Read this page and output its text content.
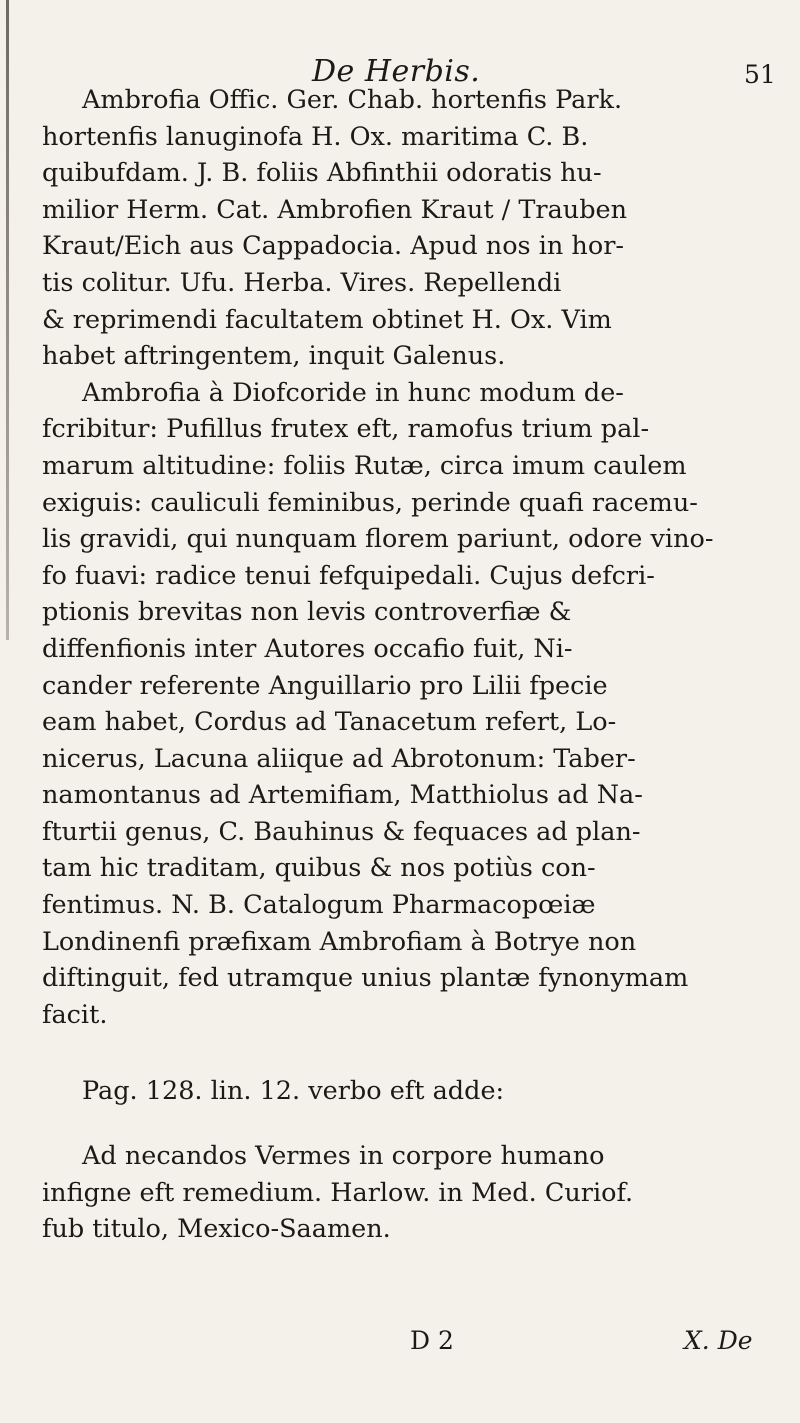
De Herbis.	51
Ambrofia Offic. Ger. Chab. hortenfis Park.
hortenfis lanuginofa H. Ox. maritima C. B.
quibufdam. J. B. foliis Abfinthii odoratis hu-
milior Herm. Cat. Ambrofien Kraut / Trauben
Kraut/Eich aus Cappadocia. Apud nos in hor-
tis colitur. Ufu. Herba. Vires. Repellendi
& reprimendi facultatem obtinet H. Ox. Vim
habet aftringentem, inquit Galenus.
Ambrofia à Diofcoride in hunc modum de-
fcribitur: Pufillus frutex eft, ramofus trium pal-
marum altitudine: foliis Rutæ, circa imum caulem
exiguis: cauliculi feminibus, perinde quafi racemu-
lis gravidi, qui nunquam florem pariunt, odore vino-
fo fuavi: radice tenui fefquipedali. Cujus defcri-
ptionis brevitas non levis controverfiæ &
diffenfionis inter Autores occafio fuit, Ni-
cander referente Anguillario pro Lilii fpecie
eam habet, Cordus ad Tanacetum refert, Lo-
nicerus, Lacuna aliique ad Abrotonum: Taber-
namontanus ad Artemifiam, Matthiolus ad Na-
fturtii genus, C. Bauhinus & fequaces ad plan-
tam hic traditam, quibus & nos potiùs con-
fentimus. N. B. Catalogum Pharmacopœiæ
Londinenfi præfixam Ambrofiam à Botrye non
diftinguit, fed utramque unius plantæ fynonymam
facit.
Pag. 128. lin. 12. verbo eft adde:
Ad necandos Vermes in corpore humano
infigne eft remedium. Harlow. in Med. Curiof.
fub titulo, Mexico-Saamen.
D 2	X. De
